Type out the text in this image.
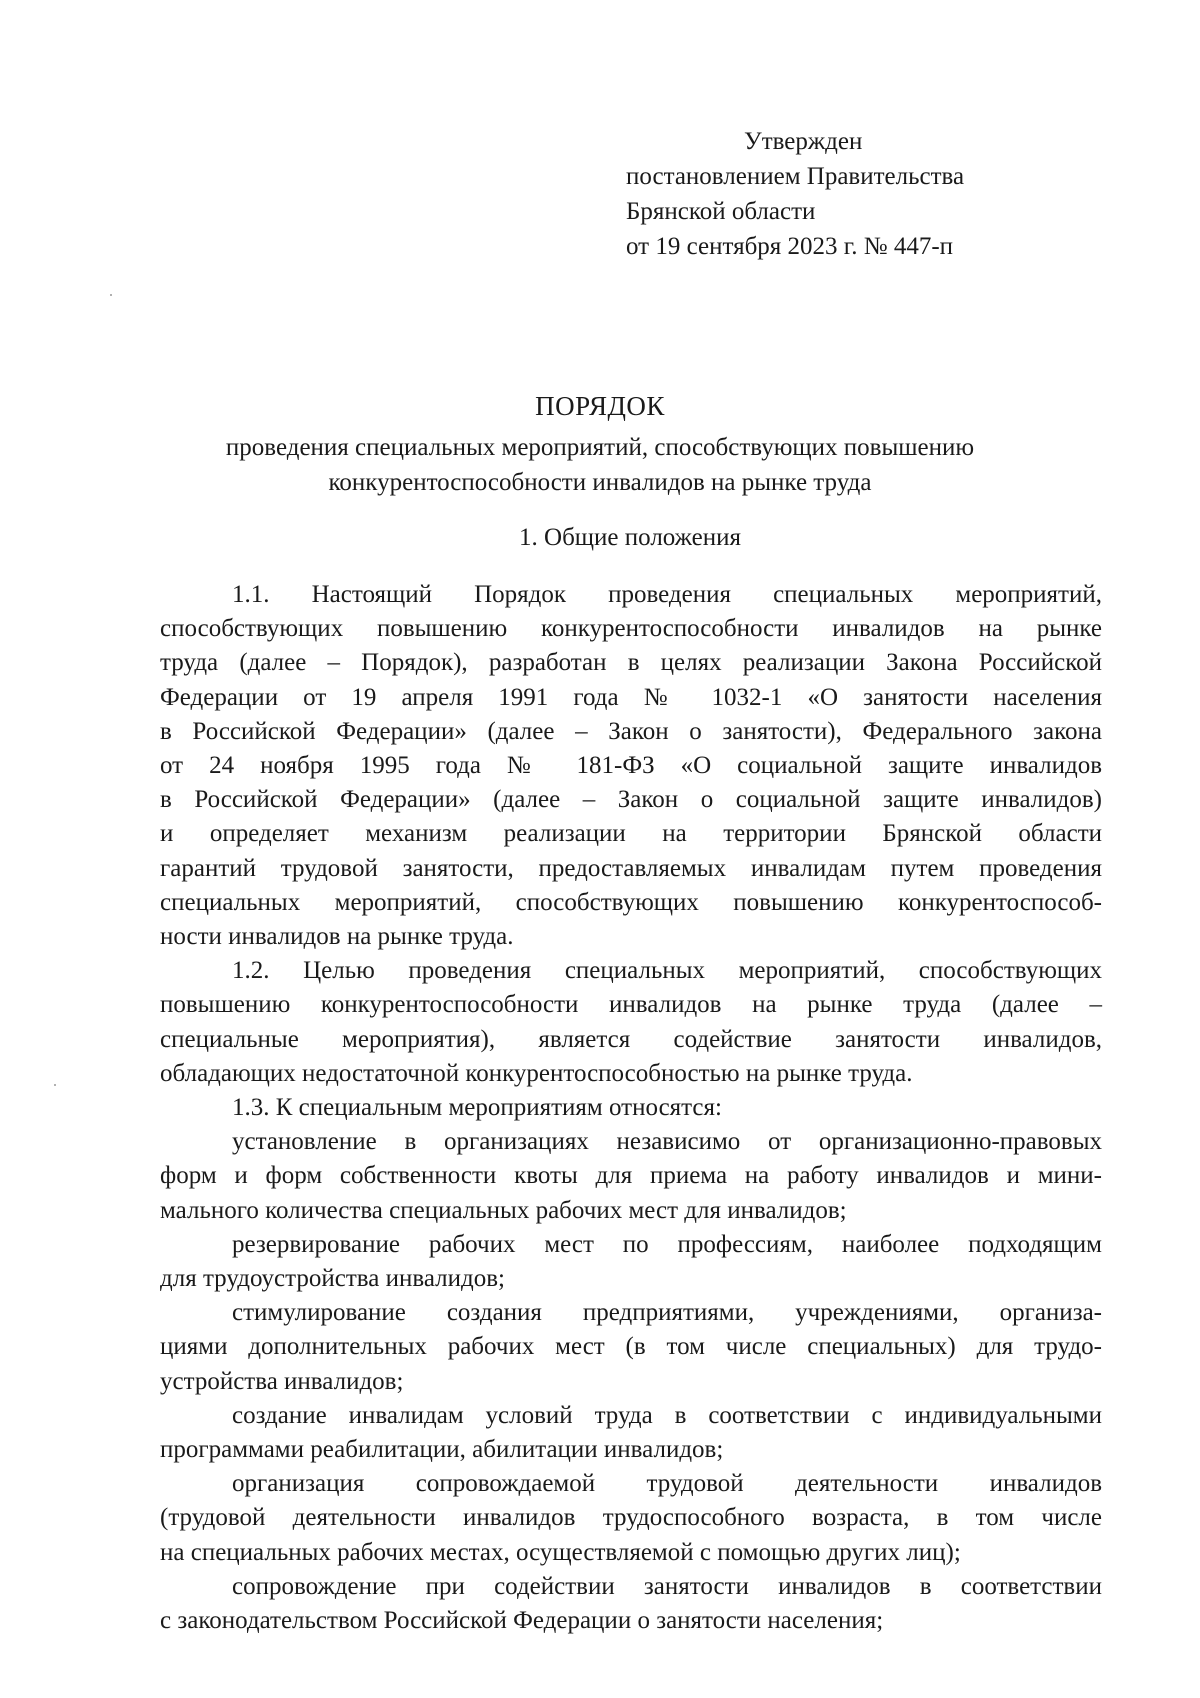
Утвержден
постановлением Правительства
Брянской области
от 19 сентября 2023 г. № 447-п
ПОРЯДОК
проведения специальных мероприятий, способствующих повышению
конкурентоспособности инвалидов на рынке труда
1. Общие положения

1.1. Настоящий Порядок проведения специальных мероприятий,
способствующих повышению конкурентоспособности инвалидов на рынке
труда (далее – Порядок), разработан в целях реализации Закона Российской
Федерации от 19 апреля 1991 года № 1032-1 «О занятости населения
в Российской Федерации» (далее – Закон о занятости), Федерального закона
от 24 ноября 1995 года № 181-ФЗ «О социальной защите инвалидов
в Российской Федерации» (далее – Закон о социальной защите инвалидов)
и определяет механизм реализации на территории Брянской области
гарантий трудовой занятости, предоставляемых инвалидам путем проведения
специальных мероприятий, способствующих повышению конкурентоспособ-
ности инвалидов на рынке труда.

1.2. Целью проведения специальных мероприятий, способствующих
повышению конкурентоспособности инвалидов на рынке труда (далее –
специальные мероприятия), является содействие занятости инвалидов,
обладающих недостаточной конкурентоспособностью на рынке труда.

1.3. К специальным мероприятиям относятся:

установление в организациях независимо от организационно-правовых
форм и форм собственности квоты для приема на работу инвалидов и мини-
мального количества специальных рабочих мест для инвалидов;

резервирование рабочих мест по профессиям, наиболее подходящим
для трудоустройства инвалидов;

стимулирование создания предприятиями, учреждениями, организа-
циями дополнительных рабочих мест (в том числе специальных) для трудо-
устройства инвалидов;

создание инвалидам условий труда в соответствии с индивидуальными
программами реабилитации, абилитации инвалидов;

организация сопровождаемой трудовой деятельности инвалидов
(трудовой деятельности инвалидов трудоспособного возраста, в том числе
на специальных рабочих местах, осуществляемой с помощью других лиц);

сопровождение при содействии занятости инвалидов в соответствии
с законодательством Российской Федерации о занятости населения;
